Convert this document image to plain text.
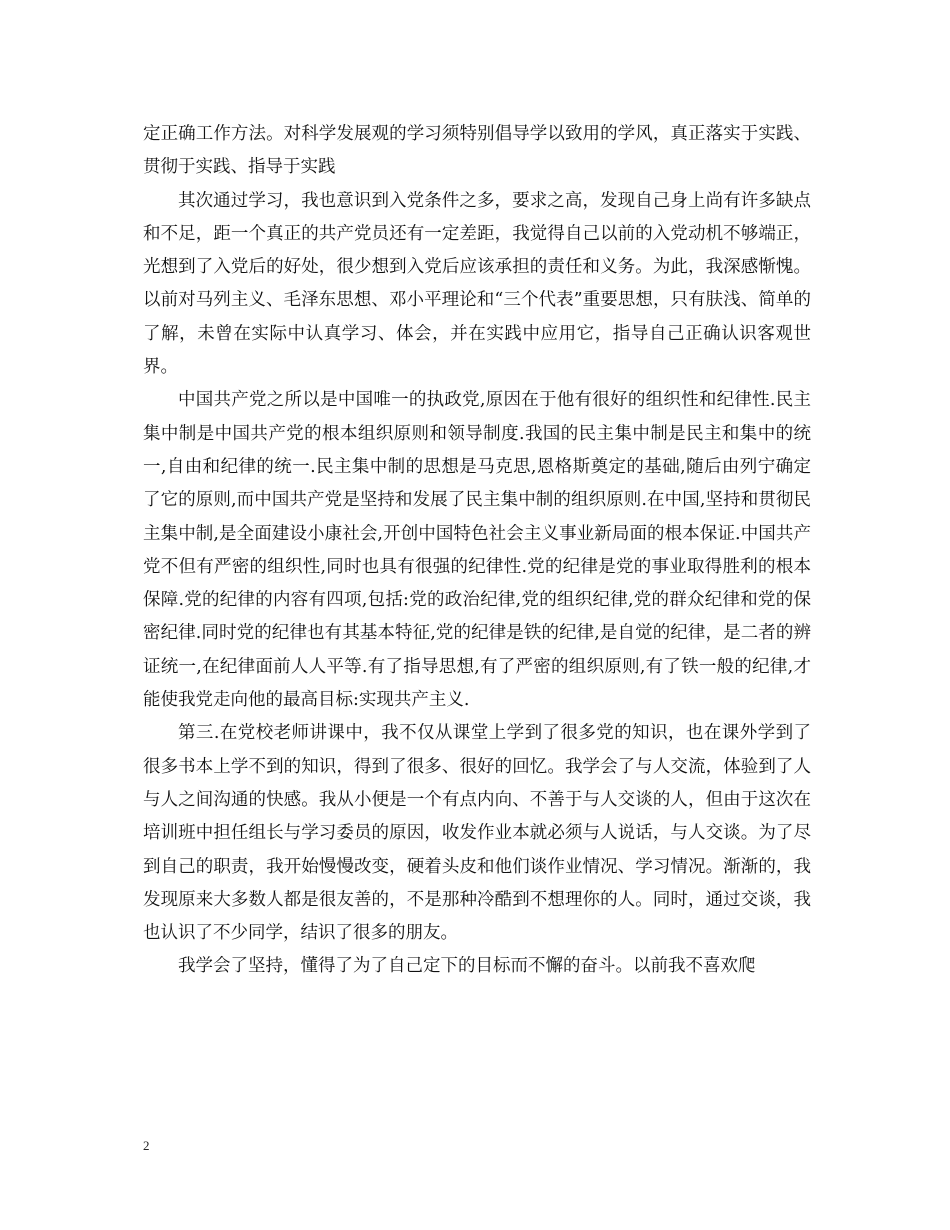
定正确工作方法。对科学发展观的学习须特别倡导学以致用的学风，真正落实于实践、贯彻于实践、指导于实践

其次通过学习，我也意识到入党条件之多，要求之高，发现自己身上尚有许多缺点和不足，距一个真正的共产党员还有一定差距，我觉得自己以前的入党动机不够端正，光想到了入党后的好处，很少想到入党后应该承担的责任和义务。为此，我深感惭愧。以前对马列主义、毛泽东思想、邓小平理论和“三个代表”重要思想，只有肤浅、简单的了解，未曾在实际中认真学习、体会，并在实践中应用它，指导自己正确认识客观世界。

中国共产党之所以是中国唯一的执政党,原因在于他有很好的组织性和纪律性.民主集中制是中国共产党的根本组织原则和领导制度.我国的民主集中制是民主和集中的统一,自由和纪律的统一.民主集中制的思想是马克思,恩格斯奠定的基础,随后由列宁确定了它的原则,而中国共产党是坚持和发展了民主集中制的组织原则.在中国,坚持和贯彻民主集中制,是全面建设小康社会,开创中国特色社会主义事业新局面的根本保证.中国共产党不但有严密的组织性,同时也具有很强的纪律性.党的纪律是党的事业取得胜利的根本保障.党的纪律的内容有四项,包括:党的政治纪律,党的组织纪律,党的群众纪律和党的保密纪律.同时党的纪律也有其基本特征,党的纪律是铁的纪律,是自觉的纪律，是二者的辨证统一,在纪律面前人人平等.有了指导思想,有了严密的组织原则,有了铁一般的纪律,才能使我党走向他的最高目标:实现共产主义.

第三.在党校老师讲课中，我不仅从课堂上学到了很多党的知识，也在课外学到了很多书本上学不到的知识，得到了很多、很好的回忆。我学会了与人交流，体验到了人与人之间沟通的快感。我从小便是一个有点内向、不善于与人交谈的人，但由于这次在培训班中担任组长与学习委员的原因，收发作业本就必须与人说话，与人交谈。为了尽到自己的职责，我开始慢慢改变，硬着头皮和他们谈作业情况、学习情况。渐渐的，我发现原来大多数人都是很友善的，不是那种冷酷到不想理你的人。同时，通过交谈，我也认识了不少同学，结识了很多的朋友。

我学会了坚持，懂得了为了自己定下的目标而不懈的奋斗。以前我不喜欢爬

2
